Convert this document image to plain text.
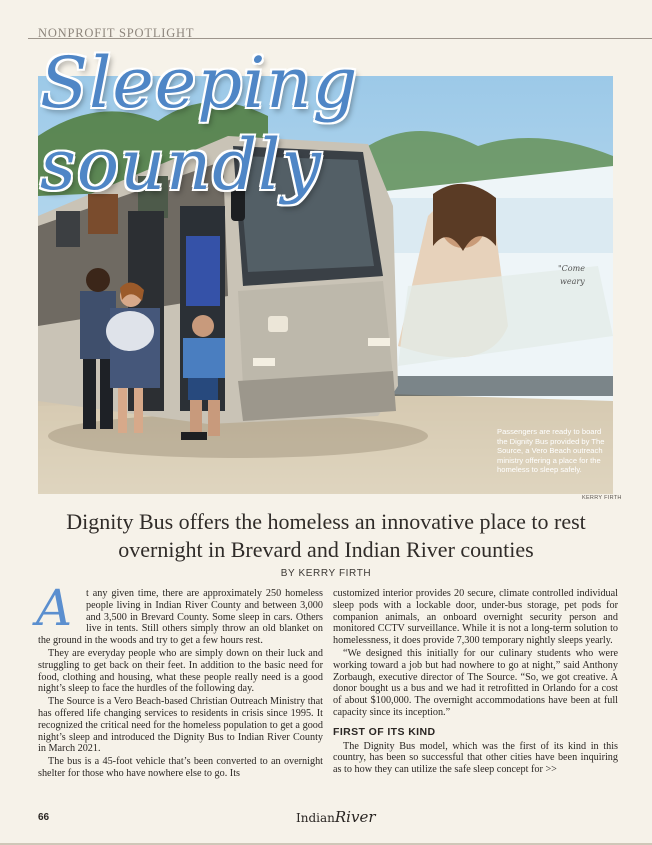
NONPROFIT SPOTLIGHT
"Come
weary
Sleeping soundly
Passengers are ready to board the Dignity Bus provided by The Source, a Vero Beach outreach ministry offering a place for the homeless to sleep safely.
KERRY FIRTH
Dignity Bus offers the homeless an innovative place to rest overnight in Brevard and Indian River counties
BY KERRY FIRTH

A	t any given time, there are approximately 250 homeless people living in Indian River County and between 3,000 and 3,500 in Brevard County. Some sleep in cars. Others live in tents. Still others simply throw an old blanket on the ground in the woods and try to get a few hours rest.

They are everyday people who are simply down on their luck and struggling to get back on their feet. In addition to the basic need for food, clothing and housing, what these people really need is a good night’s sleep to face the hurdles of the following day.

The Source is a Vero Beach-based Christian Outreach Ministry that has offered life changing services to residents in crisis since 1995. It recognized the critical need for the homeless population to get a good night’s sleep and introduced the Dignity Bus to Indian River County in March 2021.

The bus is a 45-foot vehicle that’s been converted to an overnight shelter for those who have nowhere else to go. Its

customized interior provides 20 secure, climate controlled individual sleep pods with a lockable door, under-bus storage, pet pods for companion animals, an onboard overnight security person and monitored CCTV surveillance. While it is not a long-term solution to homelessness, it does provide 7,300 temporary nightly sleeps yearly.

“We designed this initially for our culinary students who were working toward a job but had nowhere to go at night,” said Anthony Zorbaugh, executive director of The Source. “So, we got creative. A donor bought us a bus and we had it retrofitted in Orlando for a cost of about $100,000. The overnight accommodations have been at full capacity since its inception.”

FIRST OF ITS KIND

The Dignity Bus model, which was the first of its kind in this country, has been so successful that other cities have been inquiring as to how they can utilize the safe sleep concept for >>

66	IndianRiver
